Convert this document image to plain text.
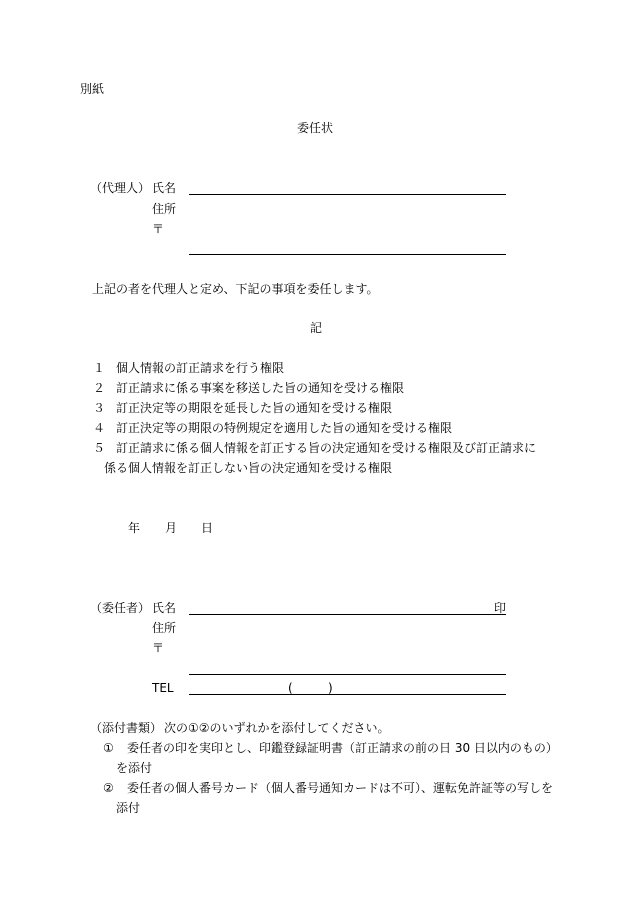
別紙
委任状
（代理人） 氏名
住所
〒
上記の者を代理人と定め、下記の事項を委任します。
記
１ 個人情報の訂正請求を行う権限
２ 訂正請求に係る事案を移送した旨の通知を受ける権限
３ 訂正決定等の期限を延長した旨の通知を受ける権限
４ 訂正決定等の期限の特例規定を適用した旨の通知を受ける権限
５ 訂正請求に係る個人情報を訂正する旨の決定通知を受ける権限及び訂正請求に
係る個人情報を訂正しない旨の決定通知を受ける権限
年 月 日
（委任者） 氏名	印
住所
〒
TEL	(	)
（添付書類） 次の①②のいずれかを添付してください。
① 委任者の印を実印とし、印鑑登録証明書（訂正請求の前の日 30 日以内のもの）
を添付
② 委任者の個人番号カード（個人番号通知カードは不可）、運転免許証等の写しを
添付
